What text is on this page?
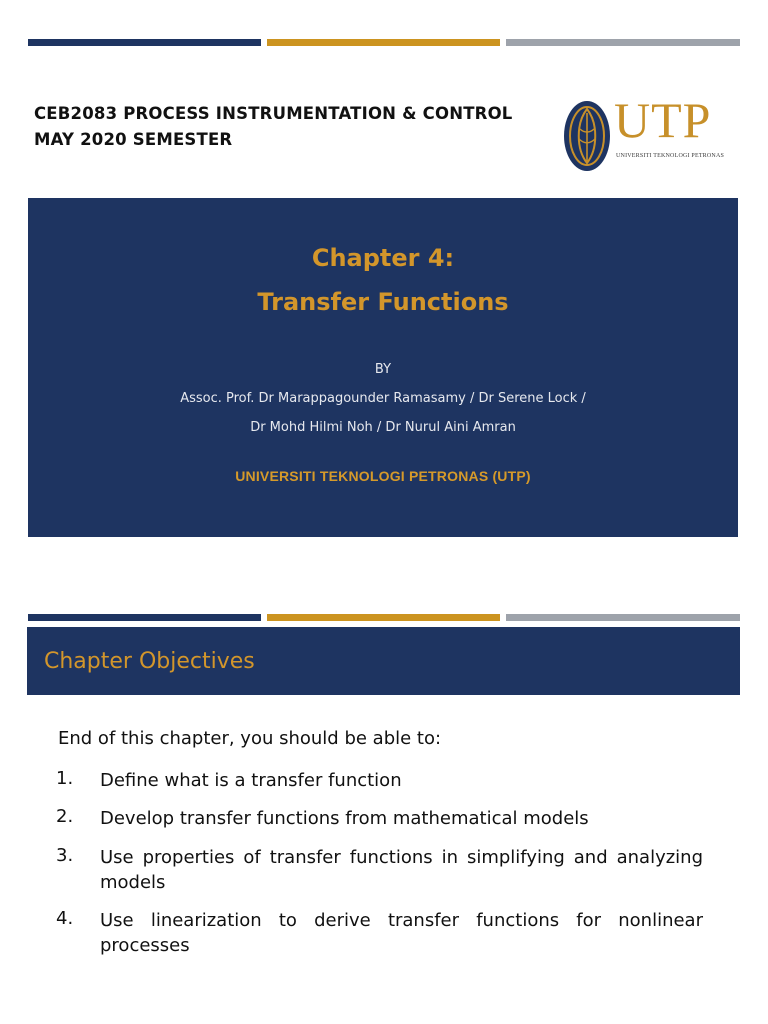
CEB2083 PROCESS INSTRUMENTATION & CONTROL
MAY 2020 SEMESTER	UTP
UNIVERSITI TEKNOLOGI PETRONAS
Chapter 4:
Transfer Functions
BY
Assoc. Prof. Dr Marappagounder Ramasamy / Dr Serene Lock /
Dr Mohd Hilmi Noh / Dr Nurul Aini Amran
UNIVERSITI TEKNOLOGI PETRONAS (UTP)
Chapter Objectives
End of this chapter, you should be able to:
1. Define what is a transfer function
2. Develop transfer functions from mathematical models
3. Use properties of transfer functions in simplifying and analyzing models
4. Use linearization to derive transfer functions for nonlinear processes
